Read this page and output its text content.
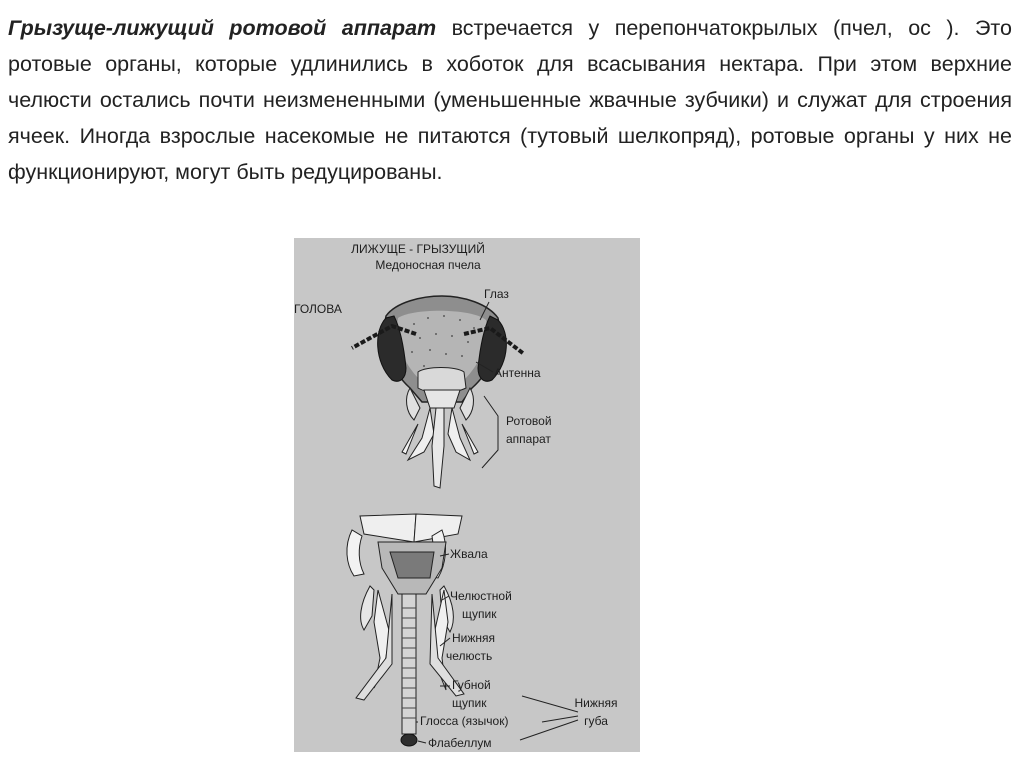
Грызуще-лижущий ротовой аппарат встречается у перепончатокрылых (пчел, ос ). Это ротовые органы, которые удлинились в хоботок для всасывания нектара. При этом верхние челюсти остались почти неизмененными (уменьшенные жвачные зубчики) и служат для строения ячеек. Иногда взрослые насекомые не питаются (тутовый шелкопряд), ротовые органы у них не функционируют, могут быть редуцированы.
ЛИЖУЩЕ - ГРЫЗУЩИЙ
Медоносная пчела
ГОЛОВА
Глаз
Антенна
Ротовой
аппарат
Жвала
Челюстной
щупик
Нижняя
челюсть
Губной
щупик
Глосса (язычок)
Флабеллум
Нижняя
губа
